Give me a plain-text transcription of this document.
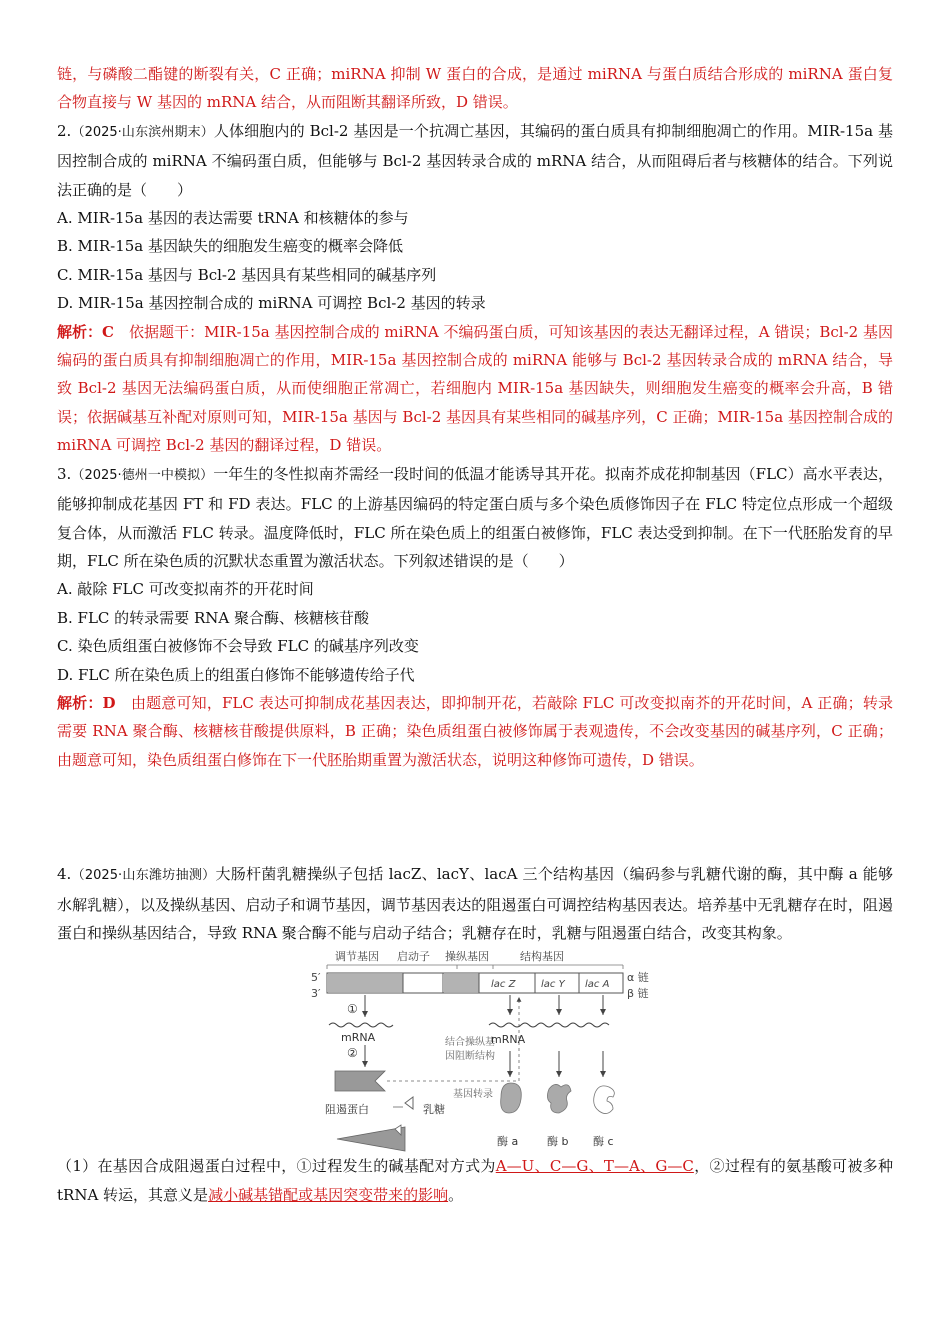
链，与磷酸二酯键的断裂有关，C 正确；miRNA 抑制 W 蛋白的合成，是通过 miRNA 与蛋白质结合形成的 miRNA 蛋白复合物直接与 W 基因的 mRNA 结合，从而阻断其翻译所致，D 错误。

2.（2025·山东滨州期末）人体细胞内的 Bcl-2 基因是一个抗凋亡基因，其编码的蛋白质具有抑制细胞凋亡的作用。MIR-15a 基因控制合成的 miRNA 不编码蛋白质，但能够与 Bcl-2 基因转录合成的 mRNA 结合，从而阻碍后者与核糖体的结合。下列说法正确的是（　　）

A. MIR-15a 基因的表达需要 tRNA 和核糖体的参与

B. MIR-15a 基因缺失的细胞发生癌变的概率会降低

C. MIR-15a 基因与 Bcl-2 基因具有某些相同的碱基序列

D. MIR-15a 基因控制合成的 miRNA 可调控 Bcl-2 基因的转录

解析：C　 依据题干：MIR-15a 基因控制合成的 miRNA 不编码蛋白质，可知该基因的表达无翻译过程，A 错误；Bcl-2 基因编码的蛋白质具有抑制细胞凋亡的作用，MIR-15a 基因控制合成的 miRNA 能够与 Bcl-2 基因转录合成的 mRNA 结合，导致 Bcl-2 基因无法编码蛋白质，从而使细胞正常凋亡，若细胞内 MIR-15a 基因缺失，则细胞发生癌变的概率会升高，B 错误；依据碱基互补配对原则可知，MIR-15a 基因与 Bcl-2 基因具有某些相同的碱基序列，C 正确；MIR-15a 基因控制合成的 miRNA 可调控 Bcl-2 基因的翻译过程，D 错误。

3.（2025·德州一中模拟）一年生的冬性拟南芥需经一段时间的低温才能诱导其开花。拟南芥成花抑制基因（FLC）高水平表达，能够抑制成花基因 FT 和 FD 表达。FLC 的上游基因编码的特定蛋白质与多个染色质修饰因子在 FLC 特定位点形成一个超级复合体，从而激活 FLC 转录。温度降低时，FLC 所在染色质上的组蛋白被修饰，FLC 表达受到抑制。在下一代胚胎发育的早期，FLC 所在染色质的沉默状态重置为激活状态。下列叙述错误的是（　　）

A. 敲除 FLC 可改变拟南芥的开花时间

B. FLC 的转录需要 RNA 聚合酶、核糖核苷酸

C. 染色质组蛋白被修饰不会导致 FLC 的碱基序列改变

D. FLC 所在染色质上的组蛋白修饰不能够遗传给子代

解析：D　 由题意可知，FLC 表达可抑制成花基因表达，即抑制开花，若敲除 FLC 可改变拟南芥的开花时间，A 正确；转录需要 RNA 聚合酶、核糖核苷酸提供原料，B 正确；染色质组蛋白被修饰属于表观遗传，不会改变基因的碱基序列，C 正确；由题意可知，染色质组蛋白修饰在下一代胚胎期重置为激活状态，说明这种修饰可遗传，D 错误。

4.（2025·山东潍坊抽测）大肠杆菌乳糖操纵子包括 lacZ、lacY、lacA 三个结构基因（编码参与乳糖代谢的酶，其中酶 a 能够水解乳糖），以及操纵基因、启动子和调节基因，调节基因表达的阻遏蛋白可调控结构基因表达。培养基中无乳糖存在时，阻遏蛋白和操纵基因结合，导致 RNA 聚合酶不能与启动子结合；乳糖存在时，乳糖与阻遏蛋白结合，改变其构象。

调节基因 启动子 操纵基因	结构基因
5′
3′
α 链
β 链
lac Z	lac Y lac A
①
mRNA
②
结合操纵基
因阻断结构
基因转录
阻遏蛋白	乳糖
mRNA
酶 a	酶 b 酶 c

（1）在基因合成阻遏蛋白过程中，①过程发生的碱基配对方式为A—U、C—G、T—A、G—C，②过程有的氨基酸可被多种 tRNA 转运，其意义是减小碱基错配或基因突变带来的影响。
